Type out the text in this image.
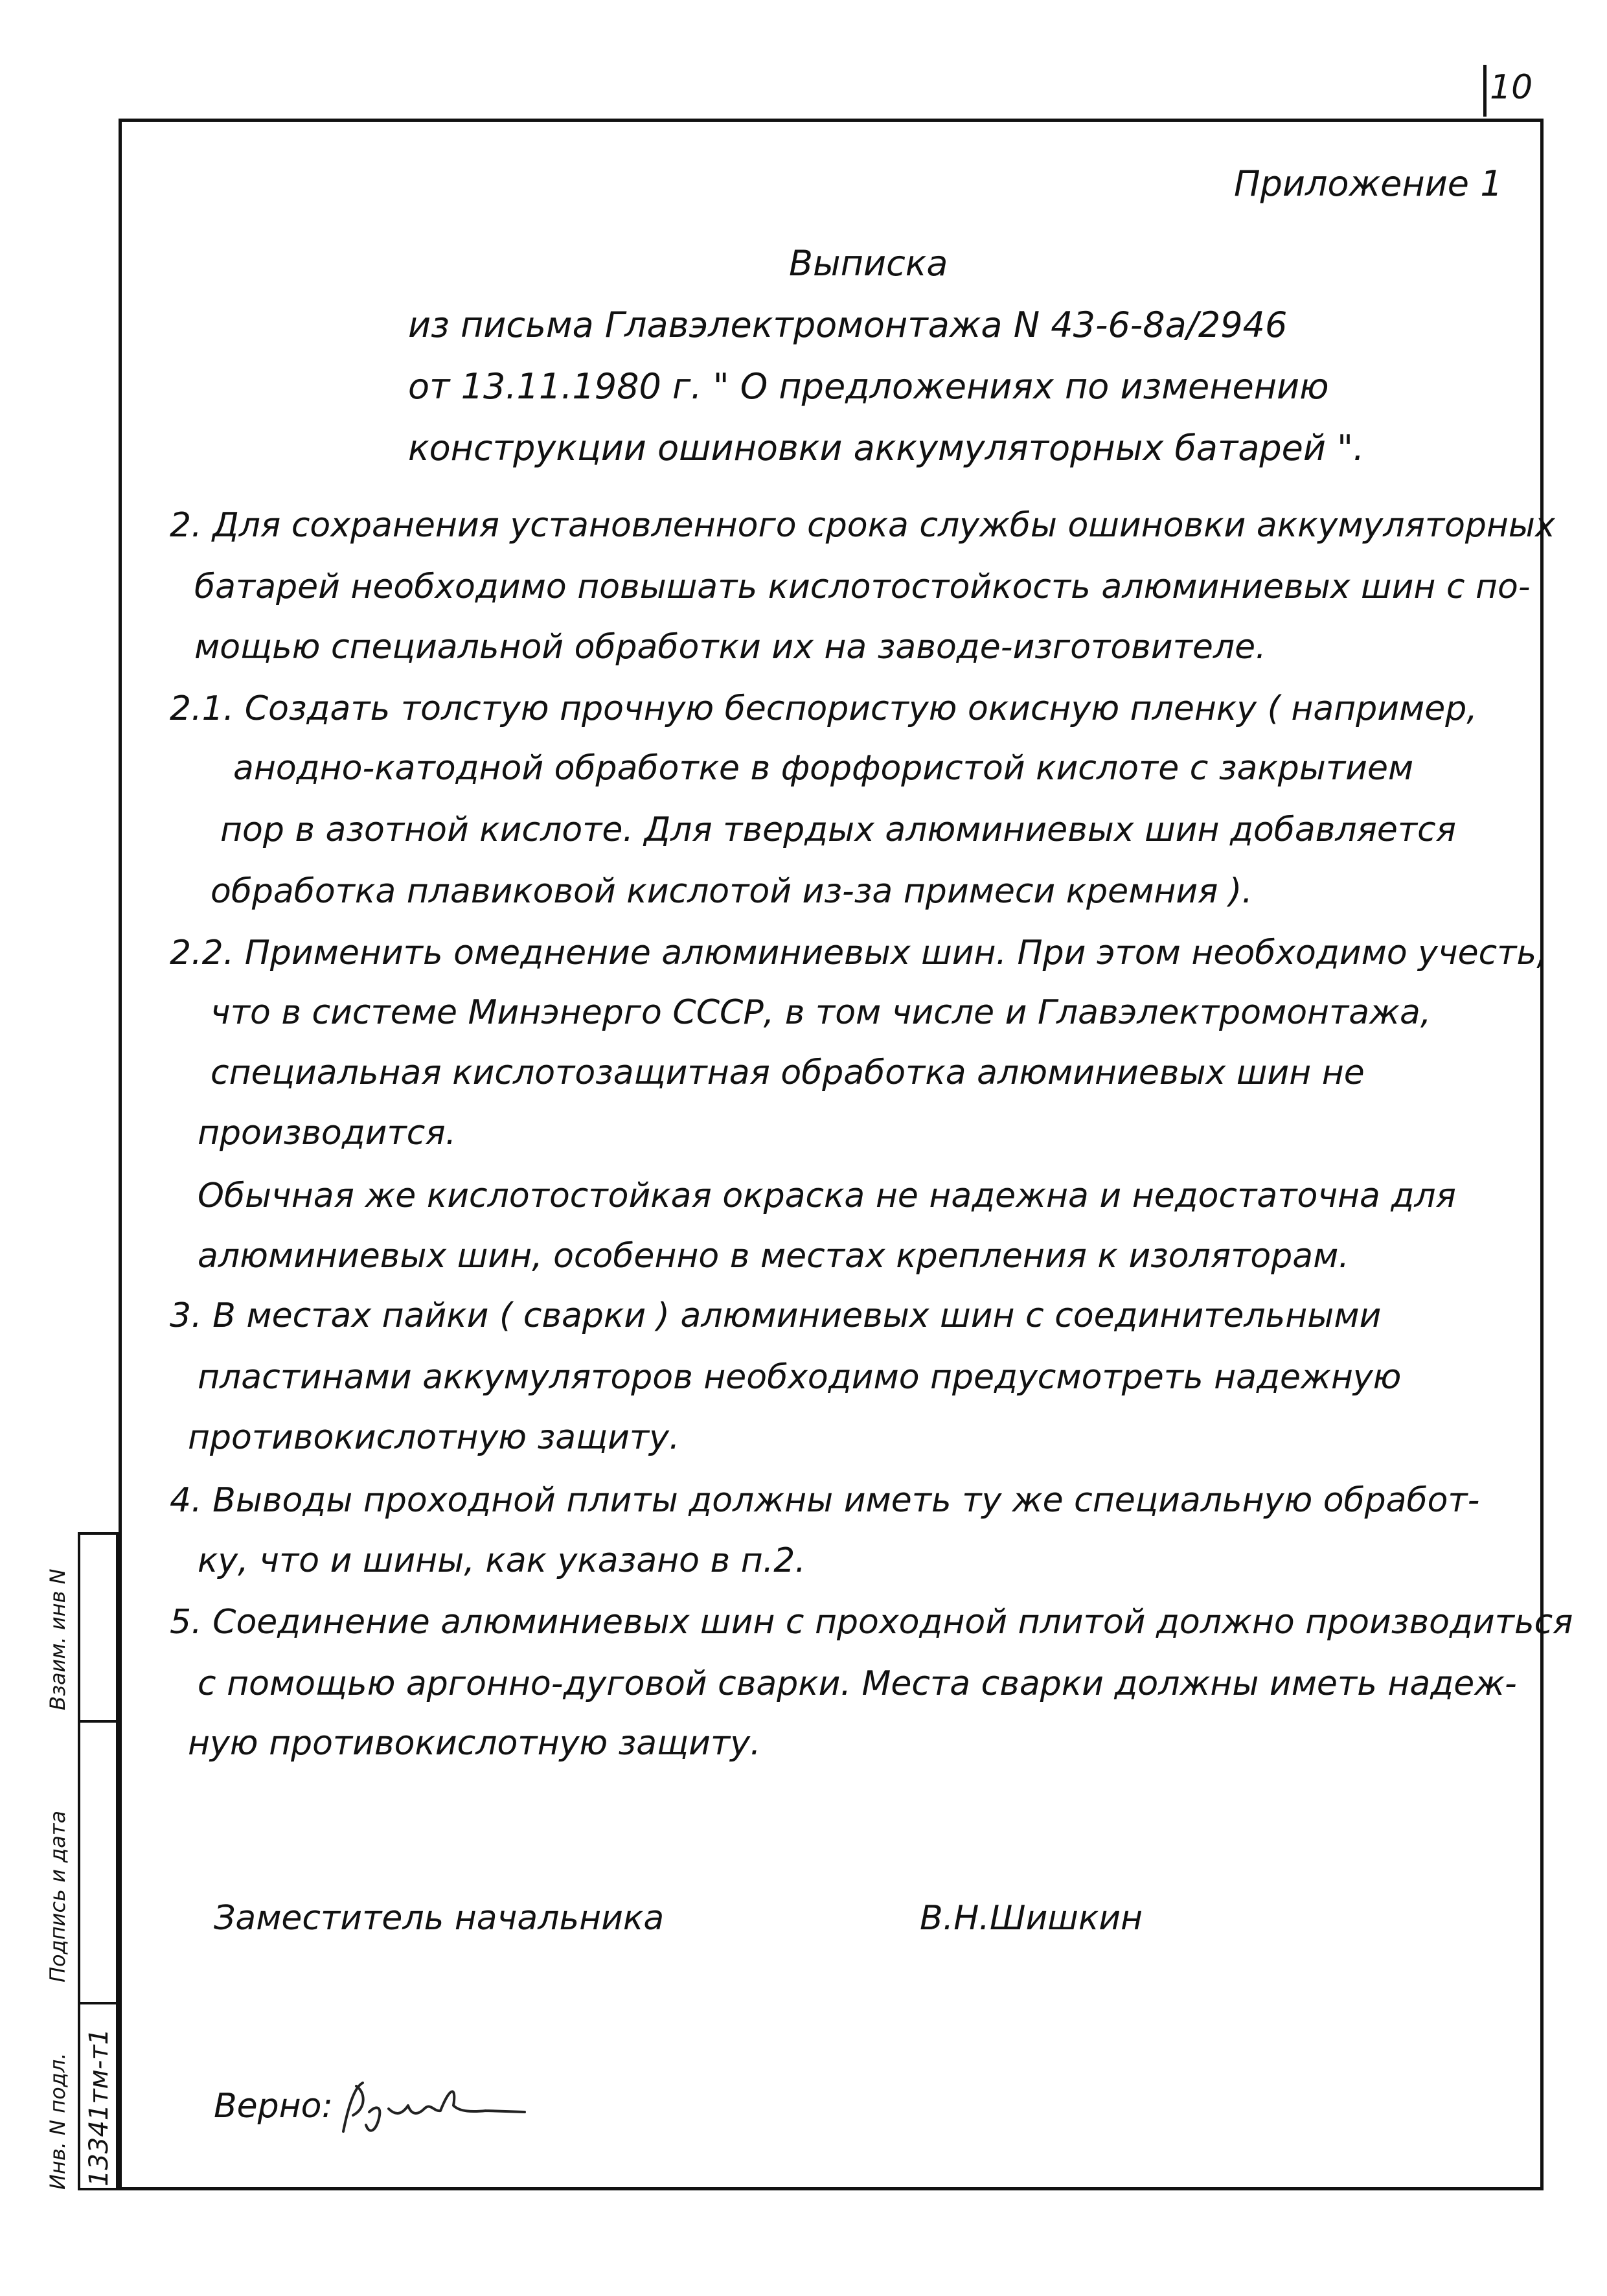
10
Приложение 1
Выписка
из письма Главэлектромонтажа N 43-6-8а/2946
от 13.11.1980 г. " О предложениях по изменению
конструкции ошиновки аккумуляторных батарей ".
2. Для сохранения установленного срока службы ошиновки аккумуляторных
батарей необходимо повышать кислотостойкость алюминиевых шин с по-
мощью специальной обработки их на заводе-изготовителе.
2.1. Создать толстую прочную беспористую окисную пленку ( например,
анодно-катодной обработке в форфористой кислоте с закрытием
пор в азотной кислоте. Для твердых алюминиевых шин добавляется
обработка плавиковой кислотой из-за примеси кремния ).
2.2. Применить омеднение алюминиевых шин. При этом необходимо учесть,
что в системе Минэнерго СССР, в том числе и Главэлектромонтажа,
специальная кислотозащитная обработка алюминиевых шин не
производится.
Обычная же кислотостойкая окраска не надежна и недостаточна для
алюминиевых шин, особенно в местах крепления к изоляторам.
3. В местах пайки ( сварки ) алюминиевых шин с соединительными
пластинами аккумуляторов необходимо предусмотреть надежную
противокислотную защиту.
4. Выводы проходной плиты должны иметь ту же специальную обработ-
ку, что и шины, как указано в п.2.
5. Соединение алюминиевых шин с проходной плитой должно производиться
с помощью аргонно-дуговой сварки. Места сварки должны иметь надеж-
ную противокислотную защиту.
Заместитель начальника	В.Н.Шишкин
Верно:
Инв. N подл.
Подпись и дата
Взаим. инв N
13341тм-т1
